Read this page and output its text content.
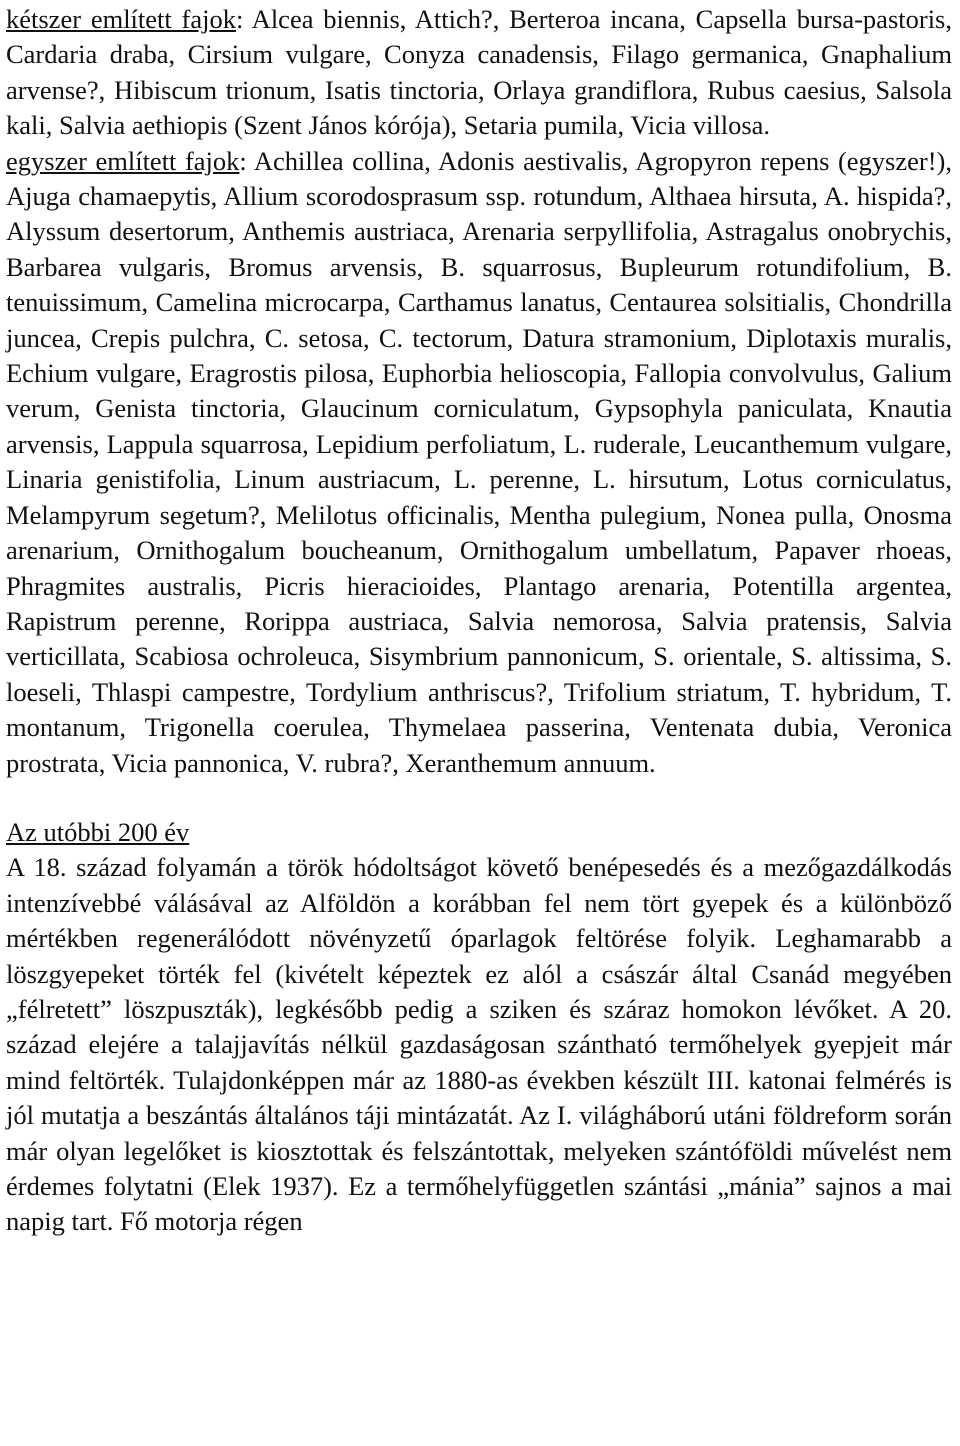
kétszer említett fajok: Alcea biennis, Attich?, Berteroa incana, Capsella bursa-pastoris, Cardaria draba, Cirsium vulgare, Conyza canadensis, Filago germanica, Gnaphalium arvense?, Hibiscum trionum, Isatis tinctoria, Orlaya grandiflora, Rubus caesius, Salsola kali, Salvia aethiopis (Szent János kórója), Setaria pumila, Vicia villosa.

egyszer említett fajok: Achillea collina, Adonis aestivalis, Agropyron repens (egyszer!), Ajuga chamaepytis, Allium scorodosprasum ssp. rotundum, Althaea hirsuta, A. hispida?, Alyssum desertorum, Anthemis austriaca, Arenaria serpyllifolia, Astragalus onobrychis, Barbarea vulgaris, Bromus arvensis, B. squarrosus, Bupleurum rotundifolium, B. tenuissimum, Camelina microcarpa, Carthamus lanatus, Centaurea solsitialis, Chondrilla juncea, Crepis pulchra, C. setosa, C. tectorum, Datura stramonium, Diplotaxis muralis, Echium vulgare, Eragrostis pilosa, Euphorbia helioscopia, Fallopia convolvulus, Galium verum, Genista tinctoria, Glaucinum corniculatum, Gypsophyla paniculata, Knautia arvensis, Lappula squarrosa, Lepidium perfoliatum, L. ruderale, Leucanthemum vulgare, Linaria genistifolia, Linum austriacum, L. perenne, L. hirsutum, Lotus corniculatus, Melampyrum segetum?, Melilotus officinalis, Mentha pulegium, Nonea pulla, Onosma arenarium, Ornithogalum boucheanum, Ornithogalum umbellatum, Papaver rhoeas, Phragmites australis, Picris hieracioides, Plantago arenaria, Potentilla argentea, Rapistrum perenne, Rorippa austriaca, Salvia nemorosa, Salvia pratensis, Salvia verticillata, Scabiosa ochroleuca, Sisymbrium pannonicum, S. orientale, S. altissima, S. loeseli, Thlaspi campestre, Tordylium anthriscus?, Trifolium striatum, T. hybridum, T. montanum, Trigonella coerulea, Thymelaea passerina, Ventenata dubia, Veronica prostrata, Vicia pannonica, V. rubra?, Xeranthemum annuum.

Az utóbbi 200 év

A 18. század folyamán a török hódoltságot követő benépesedés és a mezőgazdálkodás intenzívebbé válásával az Alföldön a korábban fel nem tört gyepek és a különböző mértékben regenerálódott növényzetű óparlagok feltörése folyik. Leghamarabb a löszgyepeket törték fel (kivételt képeztek ez alól a császár által Csanád megyében „félretett” löszpuszták), legkésőbb pedig a sziken és száraz homokon lévőket. A 20. század elejére a talajjavítás nélkül gazdaságosan szántható termőhelyek gyepjeit már mind feltörték. Tulajdonképpen már az 1880-as években készült III. katonai felmérés is jól mutatja a beszántás általános táji mintázatát. Az I. világháború utáni földreform során már olyan legelőket is kiosztottak és felszántottak, melyeken szántóföldi művelést nem érdemes folytatni (Elek 1937). Ez a termőhelyfüggetlen szántási „mánia” sajnos a mai napig tart. Fő motorja régen
